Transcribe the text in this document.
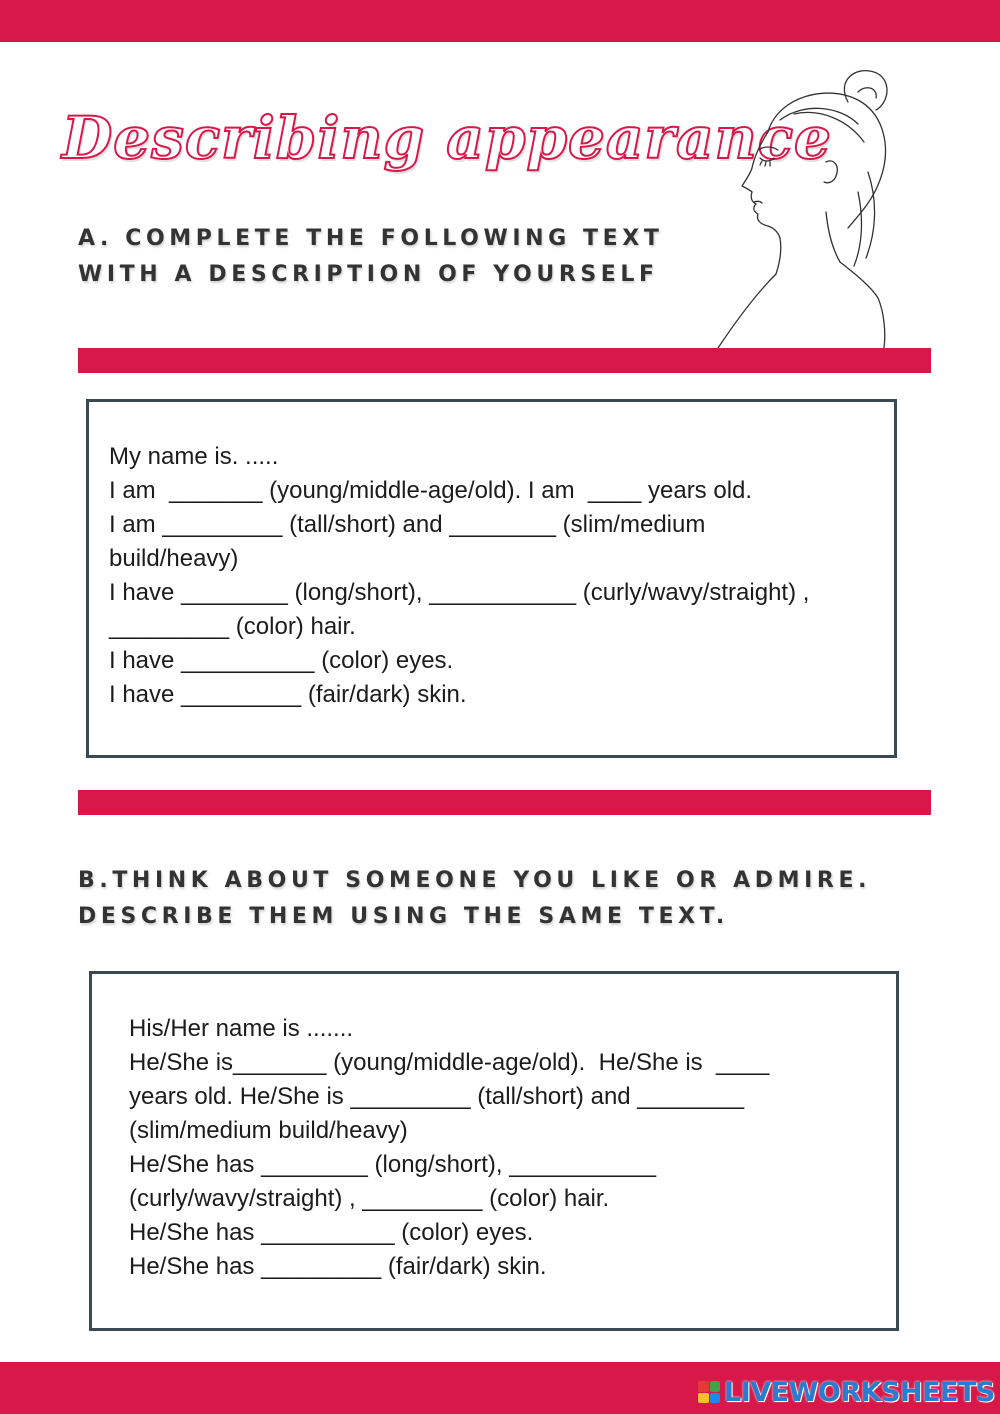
Describing appearance
A. COMPLETE THE FOLLOWING TEXT
WITH A DESCRIPTION OF YOURSELF
My name is. .....
I am  _______ (young/middle-age/old). I am  ____ years old.
I am _________ (tall/short) and ________ (slim/medium
build/heavy)
I have ________ (long/short), ___________ (curly/wavy/straight) ,
_________ (color) hair.
I have __________ (color) eyes.
I have _________ (fair/dark) skin.
B.THINK ABOUT SOMEONE YOU LIKE OR ADMIRE.
DESCRIBE THEM USING THE SAME TEXT.
His/Her name is .......
He/She is_______ (young/middle-age/old).  He/She is  ____
years old. He/She is _________ (tall/short) and ________
(slim/medium build/heavy)
He/She has ________ (long/short), ___________
(curly/wavy/straight) , _________ (color) hair.
He/She has __________ (color) eyes.
He/She has _________ (fair/dark) skin.
LIVEWORKSHEETS
